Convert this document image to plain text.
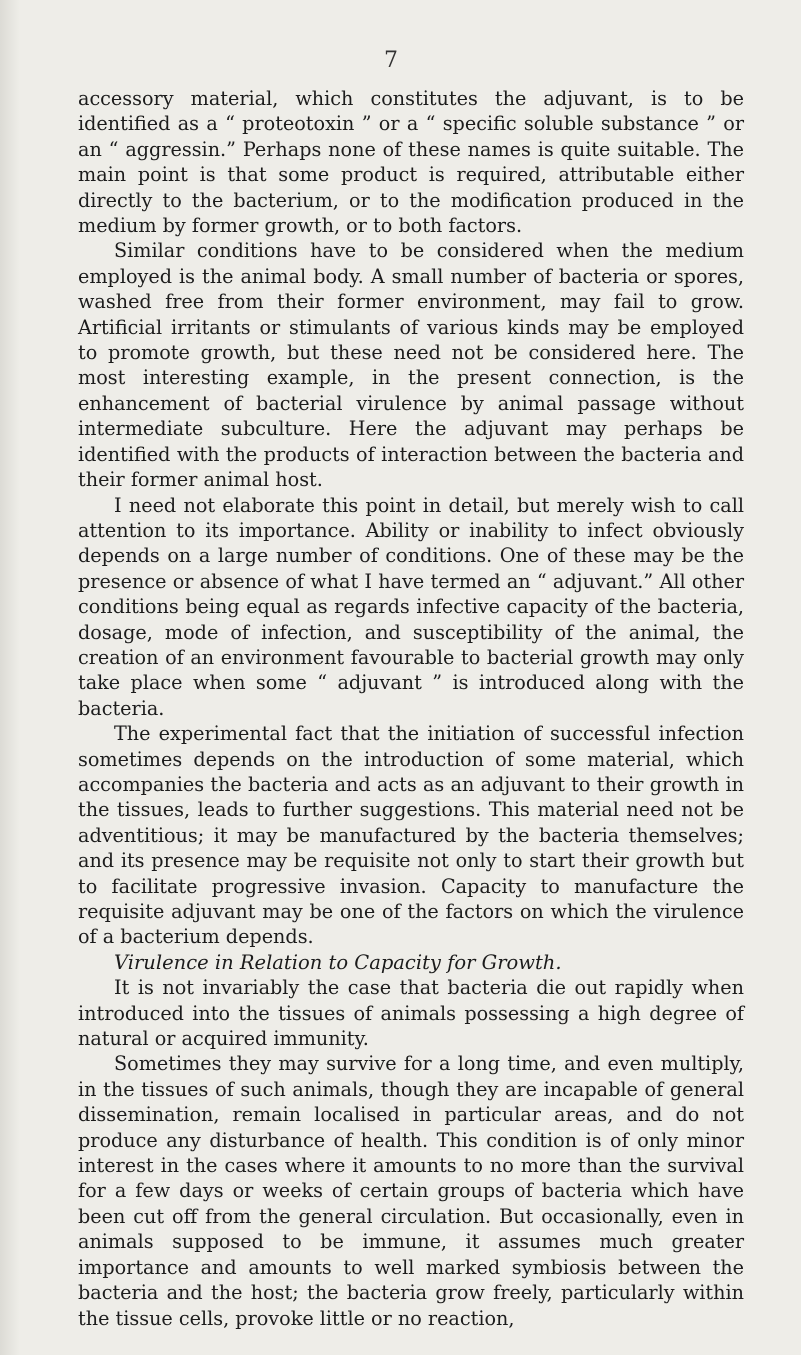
7

accessory material, which constitutes the adjuvant, is to be identified as a “ proteotoxin ” or a “ specific soluble substance ” or an “ aggressin.” Perhaps none of these names is quite suitable. The main point is that some product is required, attributable either directly to the bacterium, or to the modification produced in the medium by former growth, or to both factors.

Similar conditions have to be considered when the medium employed is the animal body. A small number of bacteria or spores, washed free from their former environment, may fail to grow. Artificial irritants or stimulants of various kinds may be employed to promote growth, but these need not be considered here. The most interesting example, in the present connection, is the enhancement of bacterial virulence by animal passage without intermediate subculture. Here the adjuvant may perhaps be identified with the products of interaction between the bacteria and their former animal host.

I need not elaborate this point in detail, but merely wish to call attention to its importance. Ability or inability to infect obviously depends on a large number of conditions. One of these may be the presence or absence of what I have termed an “ adjuvant.” All other conditions being equal as regards infective capacity of the bacteria, dosage, mode of infection, and susceptibility of the animal, the creation of an environment favourable to bacterial growth may only take place when some “ adjuvant ” is introduced along with the bacteria.

The experimental fact that the initiation of successful infection sometimes depends on the introduction of some material, which accompanies the bacteria and acts as an adjuvant to their growth in the tissues, leads to further suggestions. This material need not be adventitious; it may be manufactured by the bacteria themselves; and its presence may be requisite not only to start their growth but to facilitate progressive invasion. Capacity to manufacture the requisite adjuvant may be one of the factors on which the virulence of a bacterium depends.

Virulence in Relation to Capacity for Growth.

It is not invariably the case that bacteria die out rapidly when introduced into the tissues of animals possessing a high degree of natural or acquired immunity.

Sometimes they may survive for a long time, and even multiply, in the tissues of such animals, though they are incapable of general dissemination, remain localised in particular areas, and do not produce any disturbance of health. This condition is of only minor interest in the cases where it amounts to no more than the survival for a few days or weeks of certain groups of bacteria which have been cut off from the general circulation. But occasionally, even in animals supposed to be immune, it assumes much greater importance and amounts to well marked symbiosis between the bacteria and the host; the bacteria grow freely, particularly within the tissue cells, provoke little or no reaction,
